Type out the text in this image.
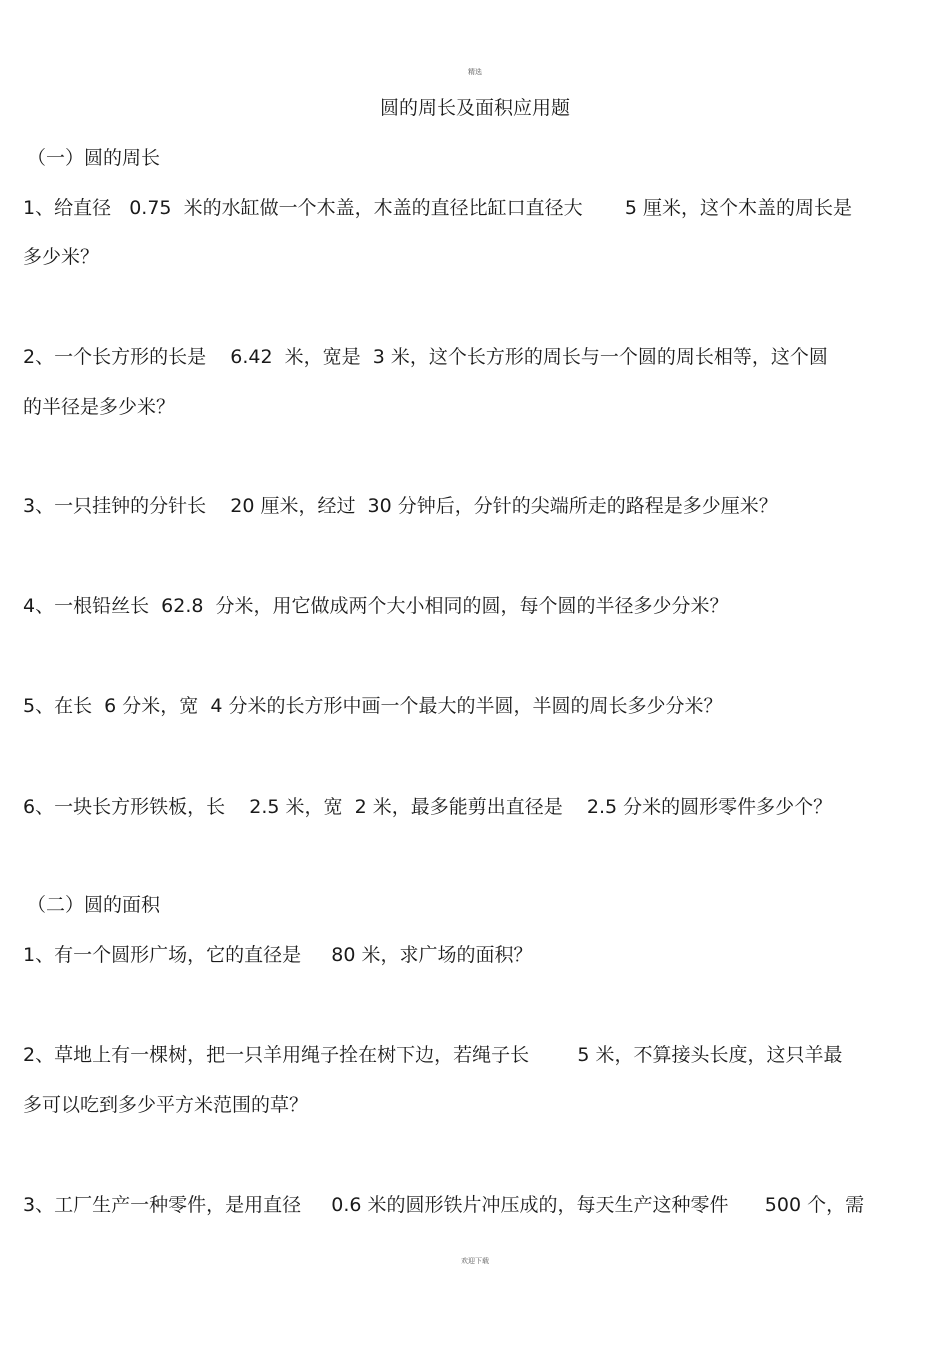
精选
圆的周长及面积应用题
（一）圆的周长
1、给直径   0.75  米的水缸做一个木盖，木盖的直径比缸口直径大       5 厘米，这个木盖的周长是
多少米？
2、一个长方形的长是    6.42  米，宽是  3 米，这个长方形的周长与一个圆的周长相等，这个圆
的半径是多少米？
3、一只挂钟的分针长    20 厘米，经过  30 分钟后，分针的尖端所走的路程是多少厘米？
4、一根铅丝长  62.8  分米，用它做成两个大小相同的圆，每个圆的半径多少分米？
5、在长  6 分米，宽  4 分米的长方形中画一个最大的半圆，半圆的周长多少分米？
6、一块长方形铁板，长    2.5 米，宽  2 米，最多能剪出直径是    2.5 分米的圆形零件多少个？
（二）圆的面积
1、有一个圆形广场，它的直径是     80 米，求广场的面积？
2、草地上有一棵树，把一只羊用绳子拴在树下边，若绳子长        5 米，不算接头长度，这只羊最
多可以吃到多少平方米范围的草？
3、工厂生产一种零件，是用直径     0.6 米的圆形铁片冲压成的，每天生产这种零件      500 个，需
欢迎下载
